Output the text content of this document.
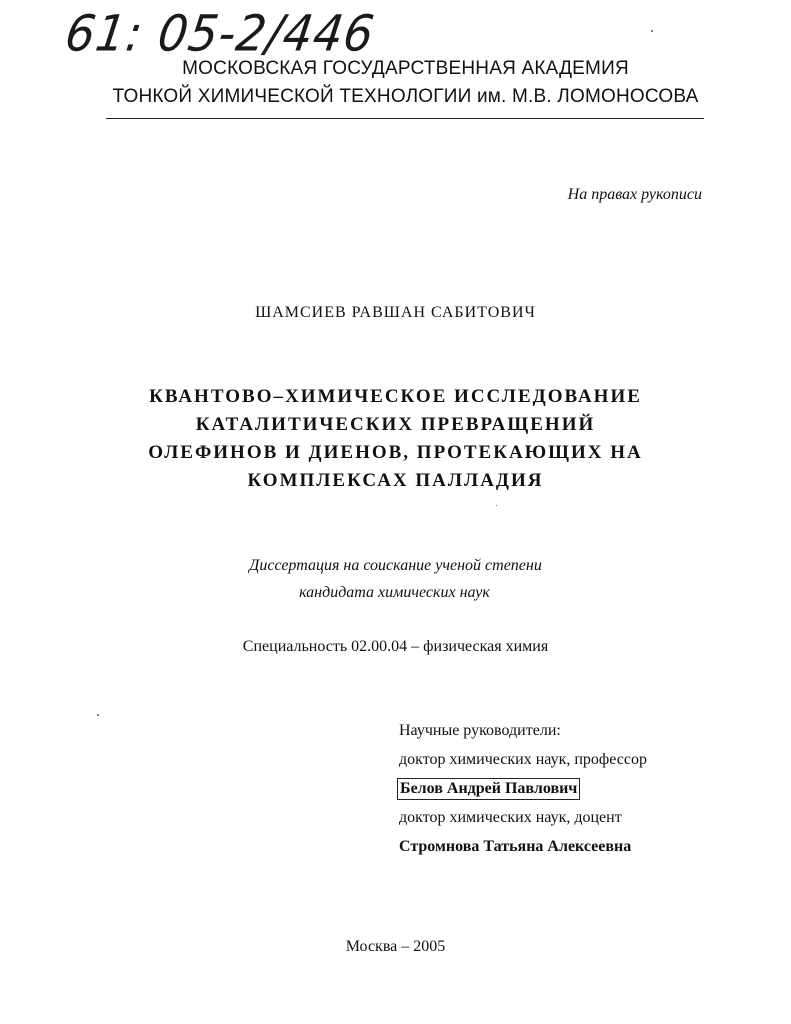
61: 05-2/446
МОСКОВСКАЯ ГОСУДАРСТВЕННАЯ АКАДЕМИЯ
ТОНКОЙ ХИМИЧЕСКОЙ ТЕХНОЛОГИИ им. М.В. ЛОМОНОСОВА
На правах рукописи
ШАМСИЕВ РАВШАН САБИТОВИЧ
КВАНТОВО–ХИМИЧЕСКОЕ ИССЛЕДОВАНИЕ
КАТАЛИТИЧЕСКИХ ПРЕВРАЩЕНИЙ
ОЛЕФИНОВ И ДИЕНОВ, ПРОТЕКАЮЩИХ НА
КОМПЛЕКСАХ ПАЛЛАДИЯ
Диссертация на соискание ученой степени
кандидата химических наук
Специальность 02.00.04 – физическая химия
Научные руководители:
доктор химических наук, профессор
Белов Андрей Павлович
доктор химических наук, доцент
Стромнова Татьяна Алексеевна
Москва – 2005
